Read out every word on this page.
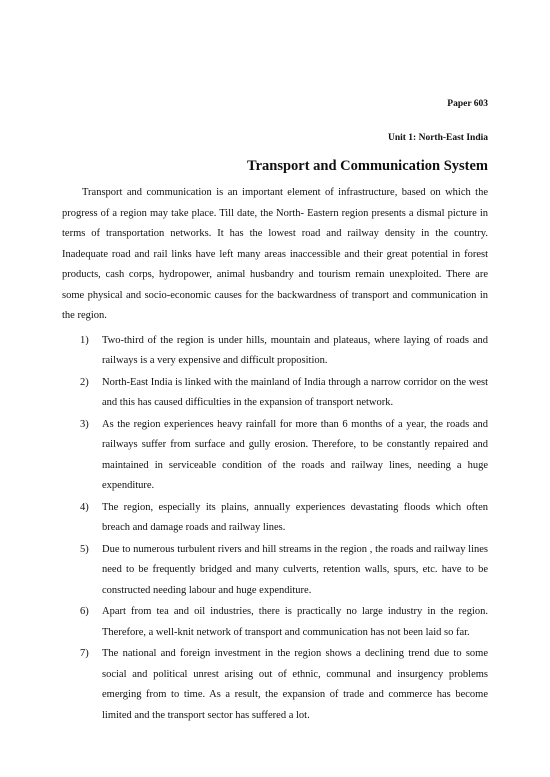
Paper 603

Unit 1: North-East India

Transport and Communication System

Transport and communication is an important element of infrastructure, based on which the progress of a region may take place. Till date, the North- Eastern region presents a dismal picture in terms of transportation networks. It has the lowest road and railway density in the country. Inadequate road and rail links have left many areas inaccessible and their great potential in forest products, cash corps, hydropower, animal husbandry and tourism remain unexploited. There are some physical and socio-economic causes for the backwardness of transport and communication in the region.

1) Two-third of the region is under hills, mountain and plateaus, where laying of roads and railways is a very expensive and difficult proposition.
2) North-East India is linked with the mainland of India through a narrow corridor on the west and this has caused difficulties in the expansion of transport network.
3) As the region experiences heavy rainfall for more than 6 months of a year, the roads and railways suffer from surface and gully erosion. Therefore, to be constantly repaired and maintained in serviceable condition of the roads and railway lines, needing a huge expenditure.
4) The region, especially its plains, annually experiences devastating floods which often breach and damage roads and railway lines.
5) Due to numerous turbulent rivers and hill streams in the region , the roads and railway lines need to be frequently bridged and many culverts, retention walls, spurs, etc. have to be constructed needing labour and huge expenditure.
6) Apart from tea and oil industries, there is practically no large industry in the region. Therefore, a well-knit network of transport and communication has not been laid so far.
7) The national and foreign investment in the region shows a declining trend due to some social and political unrest arising out of ethnic, communal and insurgency problems emerging from to time. As a result, the expansion of trade and commerce has become limited and the transport sector has suffered a lot.
